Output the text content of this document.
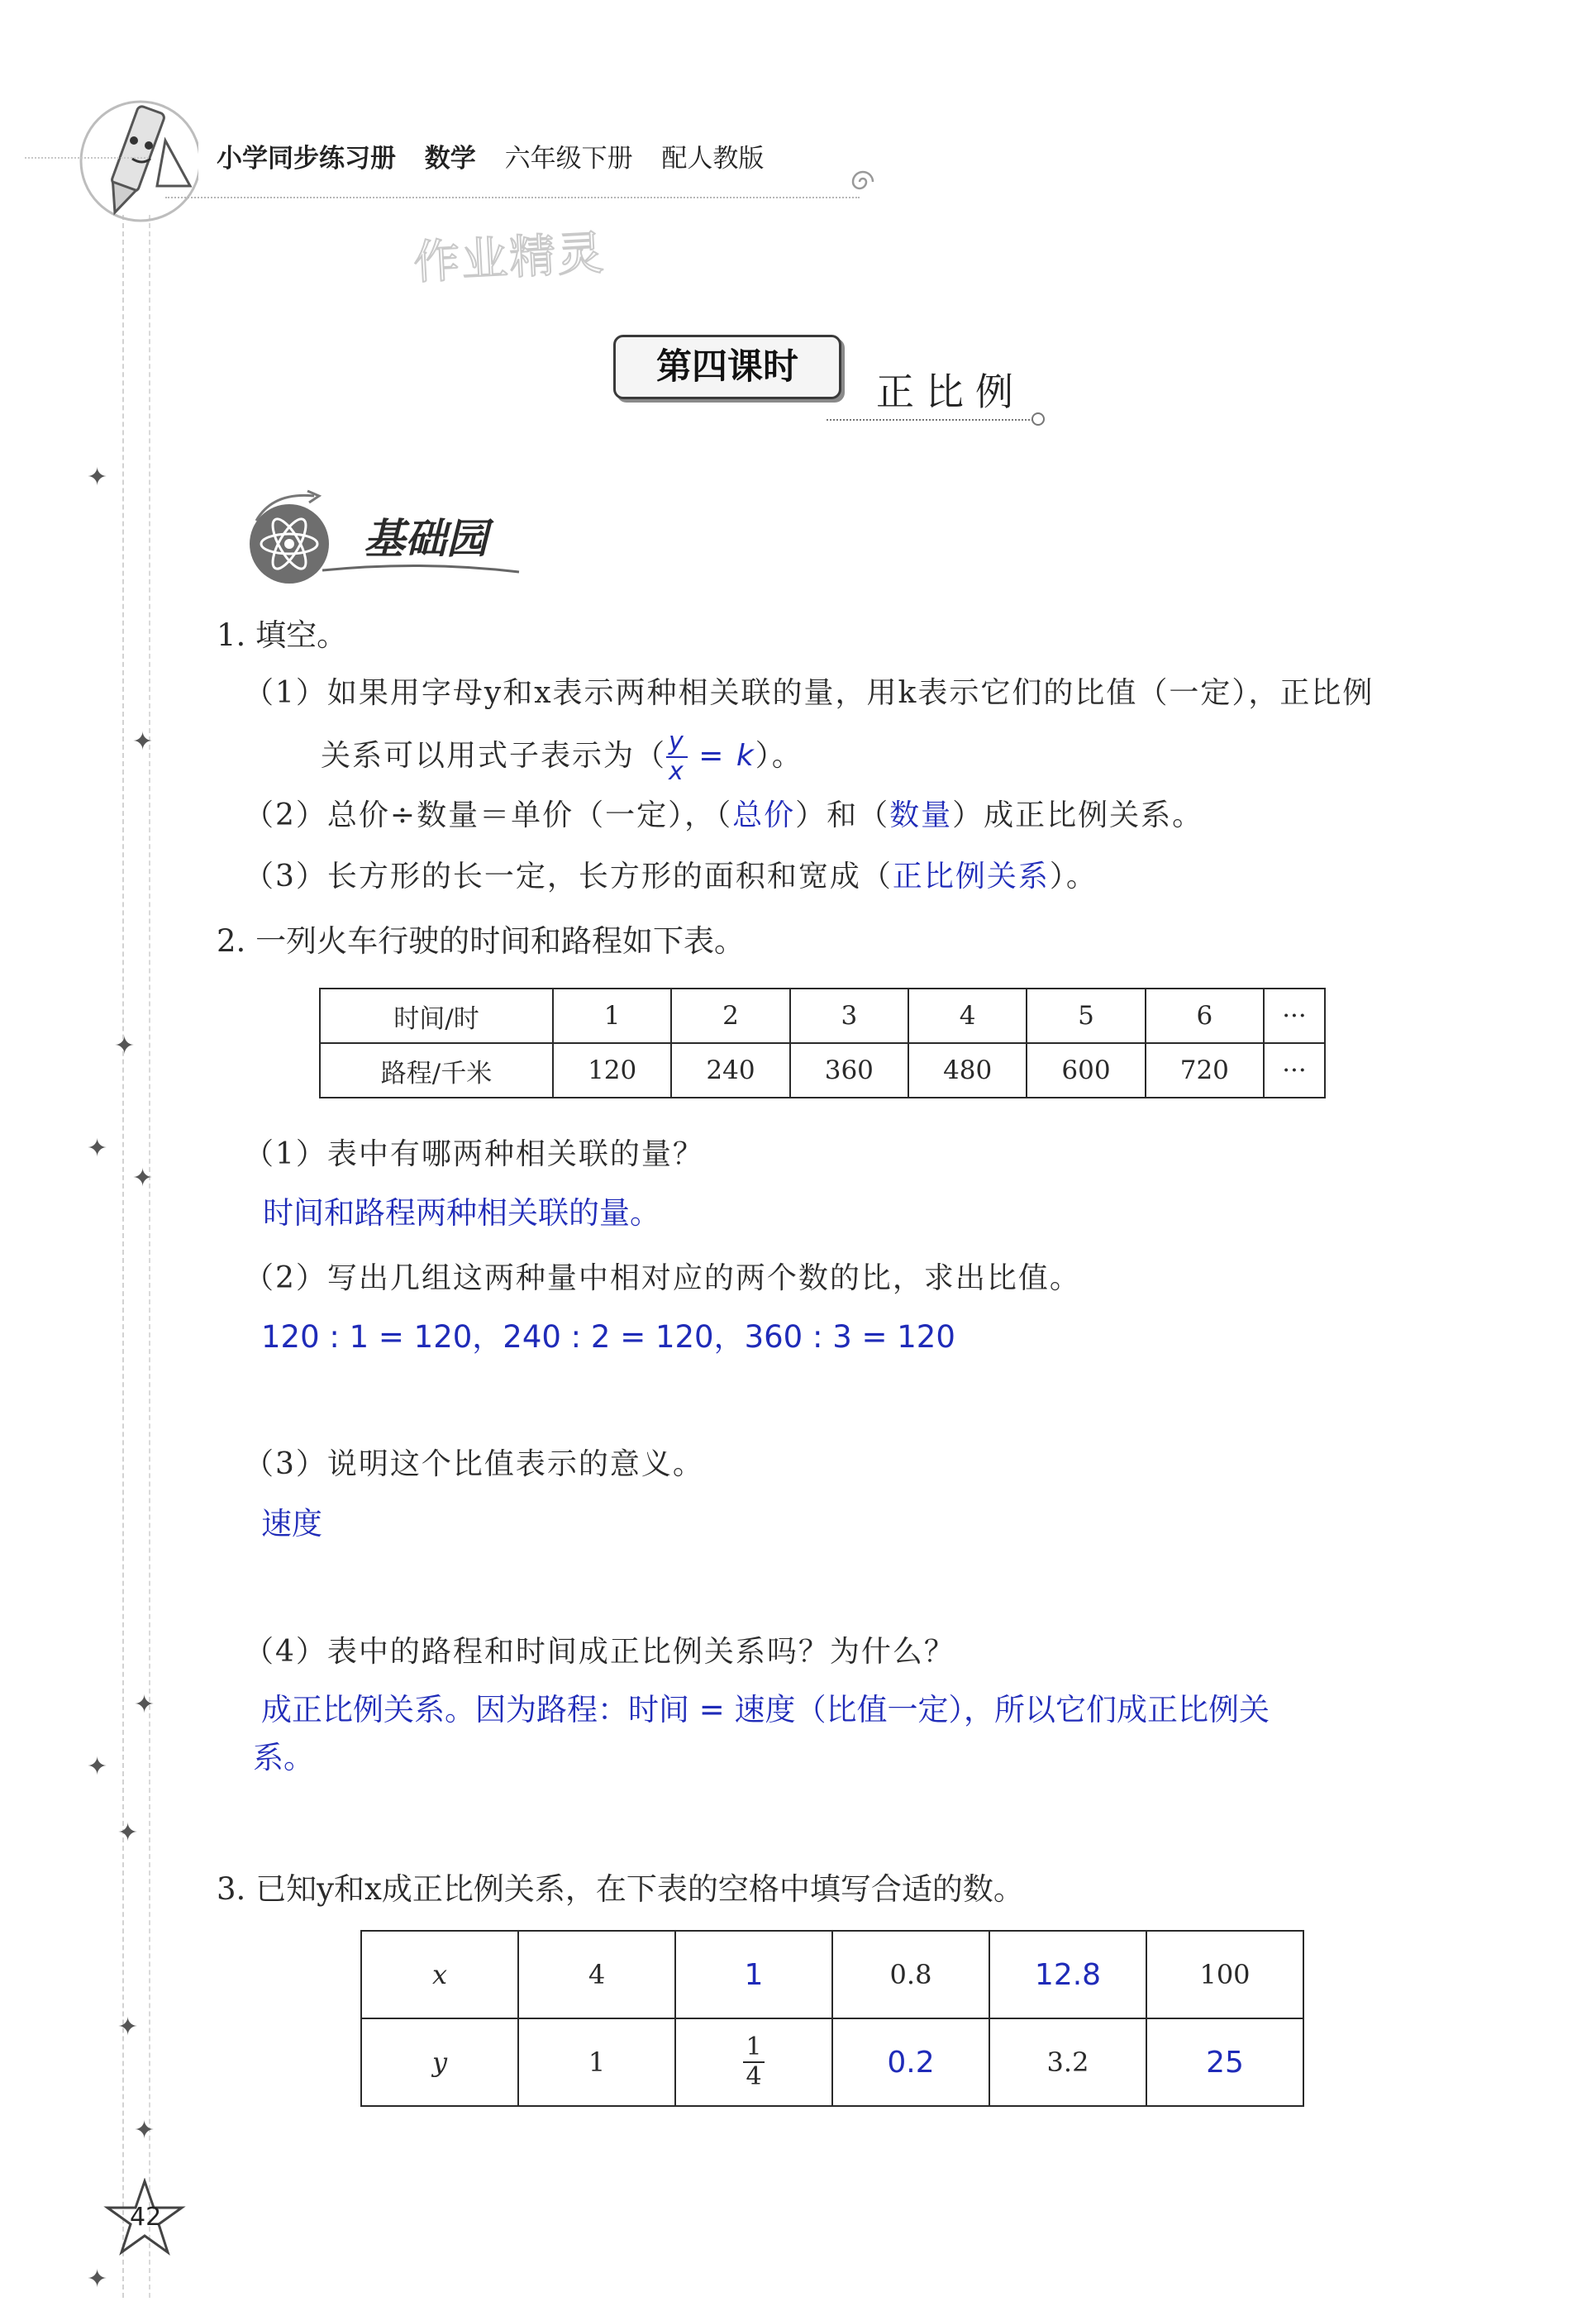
小学同步练习册 数学 六年级下册 配人教版
作业精灵
第四课时
正比例
基础园
1. 填空。
（1）如果用字母y和x表示两种相关联的量，用k表示它们的比值（一定），正比例
关系可以用式子表示为（ $\frac{y}{x} = k$）。
（2）总价÷数量＝单价（一定），（总价）和（数量）成正比例关系。
（3）长方形的长一定，长方形的面积和宽成（正比例关系）。
2. 一列火车行驶的时间和路程如下表。
时间/时	1	2	3	4	5	6	···
路程/千米	120	240	360	480	600	720	···
（1）表中有哪两种相关联的量？
时间和路程两种相关联的量。
（2）写出几组这两种量中相对应的两个数的比，求出比值。
120 : 1 = 120，240 : 2 = 120，360 : 3 = 120
（3）说明这个比值表示的意义。
速度
（4）表中的路程和时间成正比例关系吗？为什么？
成正比例关系。因为路程：时间 = 速度（比值一定），所以它们成正比例关
系。
3. 已知y和x成正比例关系，在下表的空格中填写合适的数。
x	4	1	0.8	12.8	100
y	1	$\frac{1}{4}$	0.2	3.2	25
✦
✦
✦
✦
✦
✦
✦
✦
✦
✦
✦
42
